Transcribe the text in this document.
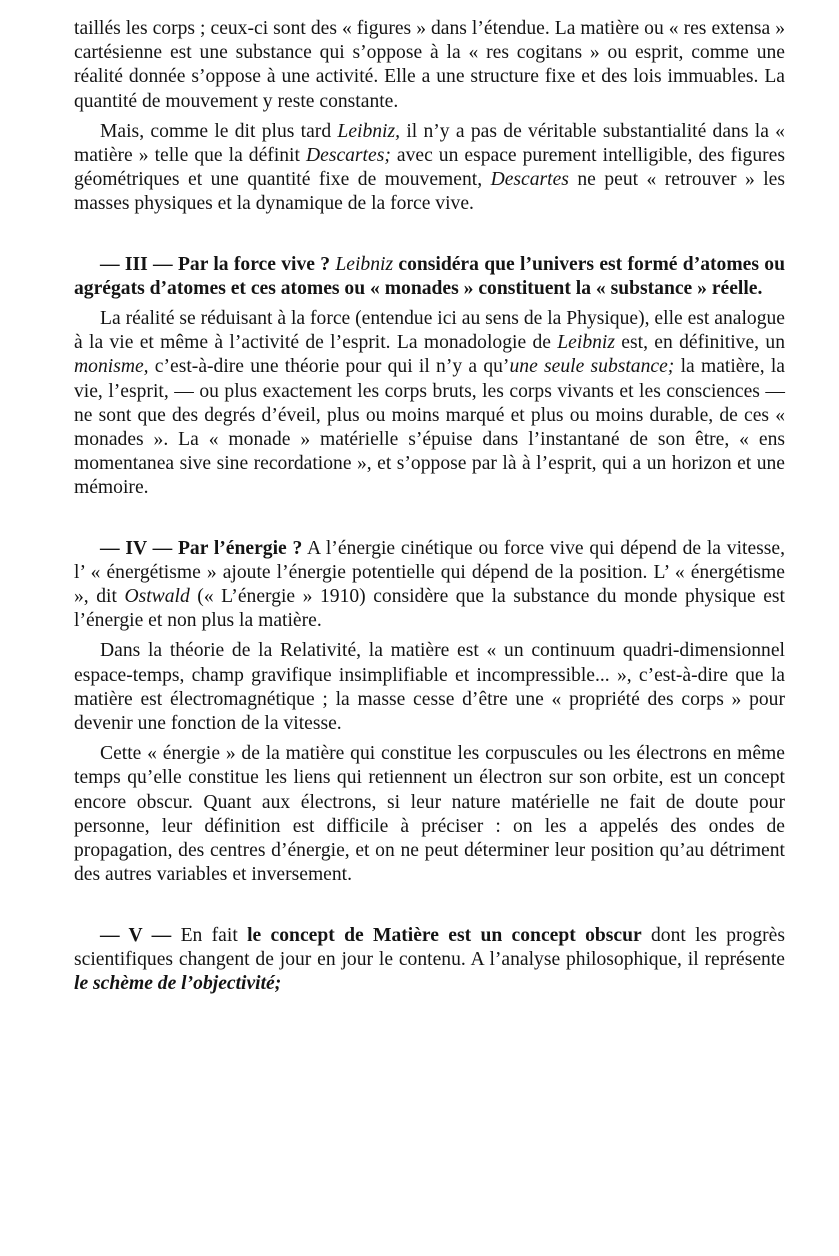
taillés les corps ; ceux-ci sont des « figures » dans l’étendue. La matière ou « res extensa » cartésienne est une substance qui s’oppose à la « res cogitans » ou esprit, comme une réalité donnée s’oppose à une activité. Elle a une structure fixe et des lois immuables. La quantité de mouvement y reste constante.

Mais, comme le dit plus tard Leibniz, il n’y a pas de véritable substantialité dans la « matière » telle que la définit Descartes; avec un espace purement intelligible, des figures géométriques et une quantité fixe de mouvement, Descartes ne peut « retrouver » les masses physiques et la dynamique de la force vive.

— III — Par la force vive ? Leibniz considéra que l’univers est formé d’atomes ou agrégats d’atomes et ces atomes ou « monades » constituent la « substance » réelle.

La réalité se réduisant à la force (entendue ici au sens de la Physique), elle est analogue à la vie et même à l’activité de l’esprit. La monadologie de Leibniz est, en définitive, un monisme, c’est-à-dire une théorie pour qui il n’y a qu’une seule substance; la matière, la vie, l’esprit, — ou plus exactement les corps bruts, les corps vivants et les consciences — ne sont que des degrés d’éveil, plus ou moins marqué et plus ou moins durable, de ces « monades ». La « monade » matérielle s’épuise dans l’instantané de son être, « ens momentanea sive sine recordatione », et s’oppose par là à l’esprit, qui a un horizon et une mémoire.

— IV — Par l’énergie ? A l’énergie cinétique ou force vive qui dépend de la vitesse, l’ « énergétisme » ajoute l’énergie potentielle qui dépend de la position. L’ « énergétisme », dit Ostwald (« L’énergie » 1910) considère que la substance du monde physique est l’énergie et non plus la matière.

Dans la théorie de la Relativité, la matière est « un continuum quadri-dimensionnel espace-temps, champ gravifique insimplifiable et incompressible... », c’est-à-dire que la matière est électromagnétique ; la masse cesse d’être une « propriété des corps » pour devenir une fonction de la vitesse.

Cette « énergie » de la matière qui constitue les corpuscules ou les électrons en même temps qu’elle constitue les liens qui retiennent un électron sur son orbite, est un concept encore obscur. Quant aux électrons, si leur nature matérielle ne fait de doute pour personne, leur définition est difficile à préciser : on les a appelés des ondes de propagation, des centres d’énergie, et on ne peut déterminer leur position qu’au détriment des autres variables et inversement.

— V — En fait le concept de Matière est un concept obscur dont les progrès scientifiques changent de jour en jour le contenu. A l’analyse philosophique, il représente le schème de l’objectivité;
